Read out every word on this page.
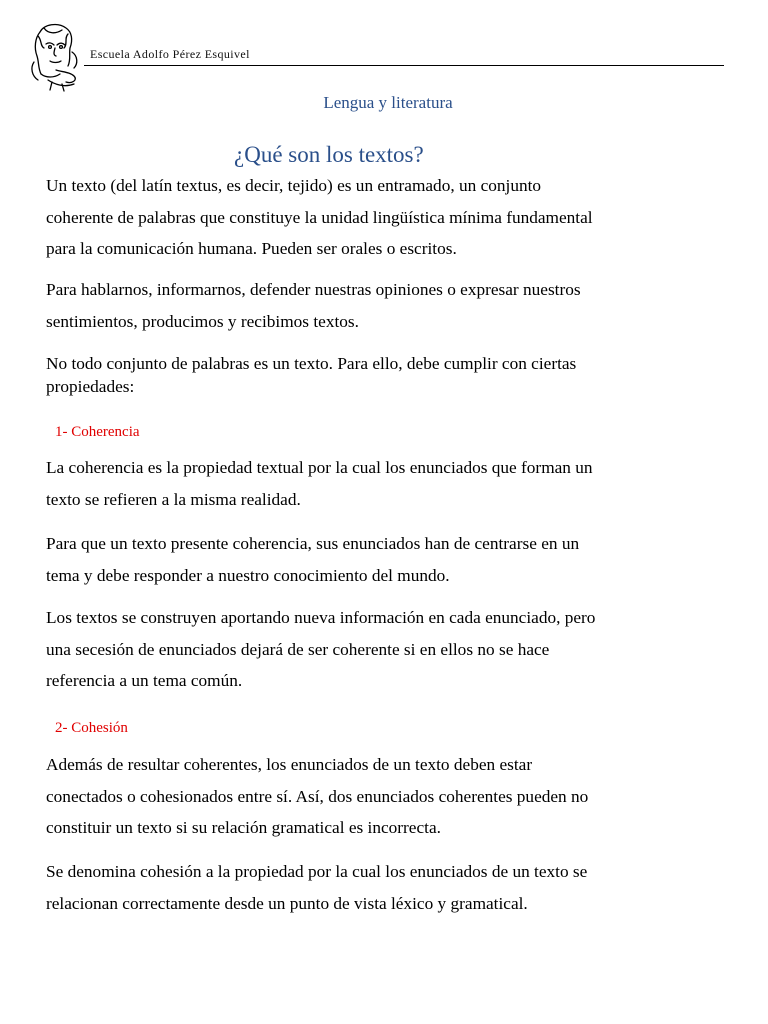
Escuela Adolfo Pérez Esquivel
Lengua y literatura
¿Qué son los textos?

Un texto (del latín textus, es decir, tejido) es un entramado, un conjunto
coherente de palabras que constituye la unidad lingüística mínima fundamental
para la comunicación humana. Pueden ser orales o escritos.

Para hablarnos, informarnos, defender nuestras opiniones o expresar nuestros
sentimientos, producimos y recibimos textos.

No todo conjunto de palabras es un texto. Para ello, debe cumplir con ciertas
propiedades:

1- Coherencia

La coherencia es la propiedad textual por la cual los enunciados que forman un
texto se refieren a la misma realidad.

Para que un texto presente coherencia, sus enunciados han de centrarse en un
tema y debe responder a nuestro conocimiento del mundo.

Los textos se construyen aportando nueva información en cada enunciado, pero
una secesión de enunciados dejará de ser coherente si en ellos no se hace
referencia a un tema común.

2- Cohesión

Además de resultar coherentes, los enunciados de un texto deben estar
conectados o cohesionados entre sí. Así, dos enunciados coherentes pueden no
constituir un texto si su relación gramatical es incorrecta.

Se denomina cohesión a la propiedad por la cual los enunciados de un texto se
relacionan correctamente desde un punto de vista léxico y gramatical.
